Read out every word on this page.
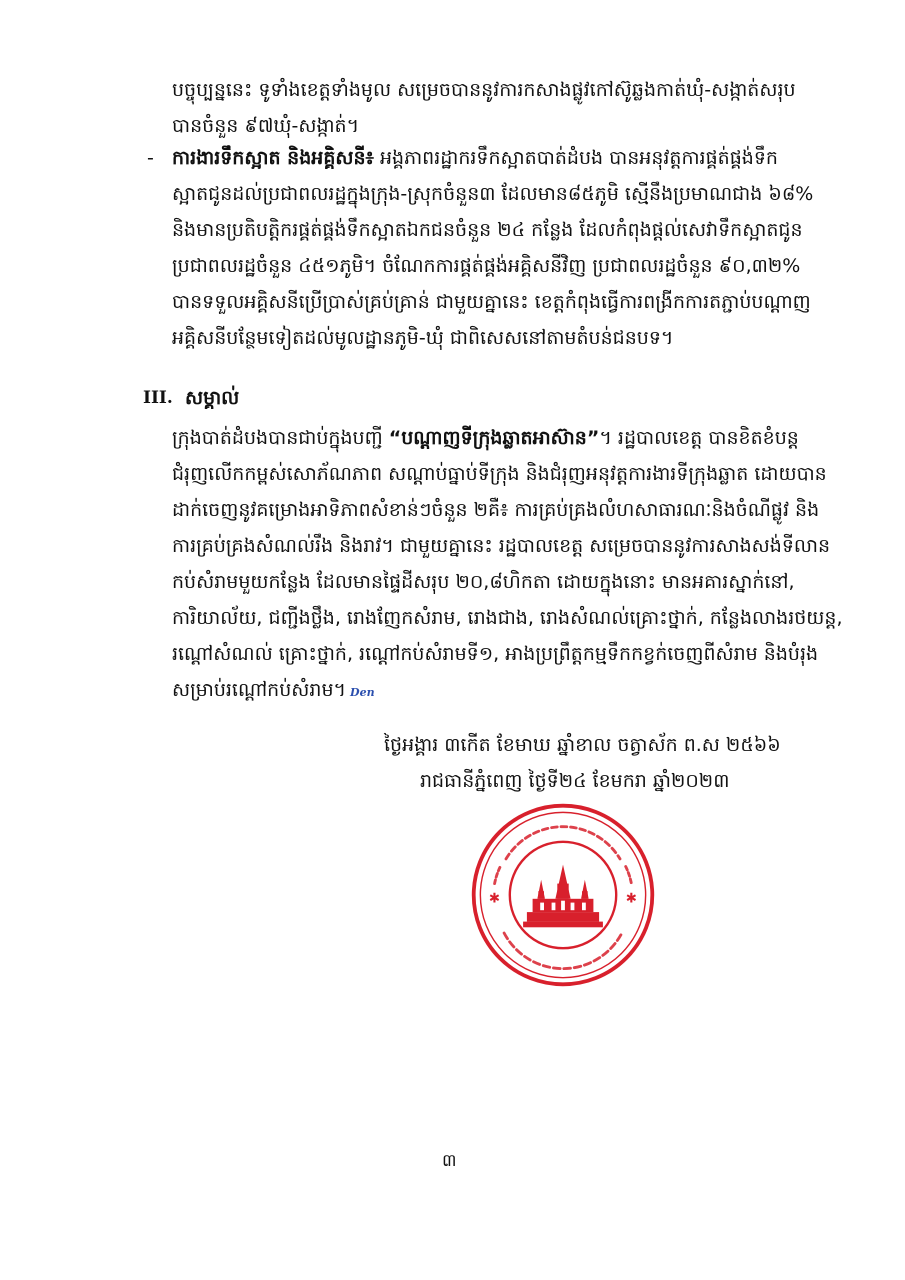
បច្ចុប្បន្ននេះ ទូទាំងខេត្តទាំងមូល សម្រេចបាននូវការកសាងផ្លូវកៅស៊ូឆ្លងកាត់ឃុំ-សង្កាត់សរុប
បានចំនួន ៩៧ឃុំ-សង្កាត់។
- ការងារទឹកស្អាត និងអគ្គិសនី៖ អង្គភាពរដ្ឋាករទឹកស្អាតបាត់ដំបង បានអនុវត្តការផ្គត់ផ្គង់ទឹក
ស្អាតជូនដល់ប្រជាពលរដ្ឋក្នុងក្រុង-ស្រុកចំនួន៣ ដែលមាន៨៥ភូមិ ស្មើនឹងប្រមាណជាង ៦៨%
និងមានប្រតិបត្តិករផ្គត់ផ្គង់ទឹកស្អាតឯកជនចំនួន ២៤ កន្លែង ដែលកំពុងផ្ដល់សេវាទឹកស្អាតជូន
ប្រជាពលរដ្ឋចំនួន ៤៥១ភូមិ។ ចំណែកការផ្គត់ផ្គង់អគ្គិសនីវិញ ប្រជាពលរដ្ឋចំនួន ៩០,៣២%
បានទទួលអគ្គិសនីប្រើប្រាស់គ្រប់គ្រាន់ ជាមួយគ្នានេះ ខេត្តកំពុងធ្វើការពង្រីកការតភ្ជាប់បណ្ដាញ
អគ្គិសនីបន្ថែមទៀតដល់មូលដ្ឋានភូមិ-ឃុំ ជាពិសេសនៅតាមតំបន់ជនបទ។
III. សម្គាល់
ក្រុងបាត់ដំបងបានជាប់ក្នុងបញ្ជី “បណ្ដាញទីក្រុងឆ្លាតអាស៊ាន”។ រដ្ឋបាលខេត្ត បានខិតខំបន្ត
ជំរុញលើកកម្ពស់សោភ័ណភាព សណ្ដាប់ធ្នាប់ទីក្រុង និងជំរុញអនុវត្តការងារទីក្រុងឆ្លាត ដោយបាន
ដាក់ចេញនូវគម្រោងអាទិភាពសំខាន់ៗចំនួន ២គឺ៖ ការគ្រប់គ្រងលំហសាធារណៈនិងចំណីផ្លូវ និង
ការគ្រប់គ្រងសំណល់រឹង និងរាវ។ ជាមួយគ្នានេះ រដ្ឋបាលខេត្ត សម្រេចបាននូវការសាងសង់ទីលាន
កប់សំរាមមួយកន្លែង ដែលមានផ្ទៃដីសរុប ២០,៨ហិកតា ដោយក្នុងនោះ មានអគារស្នាក់នៅ,
ការិយាល័យ, ជញ្ជីងថ្លឹង, រោងញែកសំរាម, រោងជាង, រោងសំណល់គ្រោះថ្នាក់, កន្លែងលាងរថយន្ត,
រណ្ដៅសំណល់ គ្រោះថ្នាក់, រណ្ដៅកប់សំរាមទី១, អាងប្រព្រឹត្តកម្មទឹកកខ្វក់ចេញពីសំរាម និងបំរុង
សម្រាប់រណ្ដៅកប់សំរាម។ Den
ថ្ងៃអង្គារ ៣កើត ខែមាឃ ឆ្នាំខាល ចត្វាស័ក ព.ស ២៥៦៦
រាជធានីភ្នំពេញ ថ្ងៃទី២៤ ខែមករា ឆ្នាំ២០២៣
✱	✱
៣
